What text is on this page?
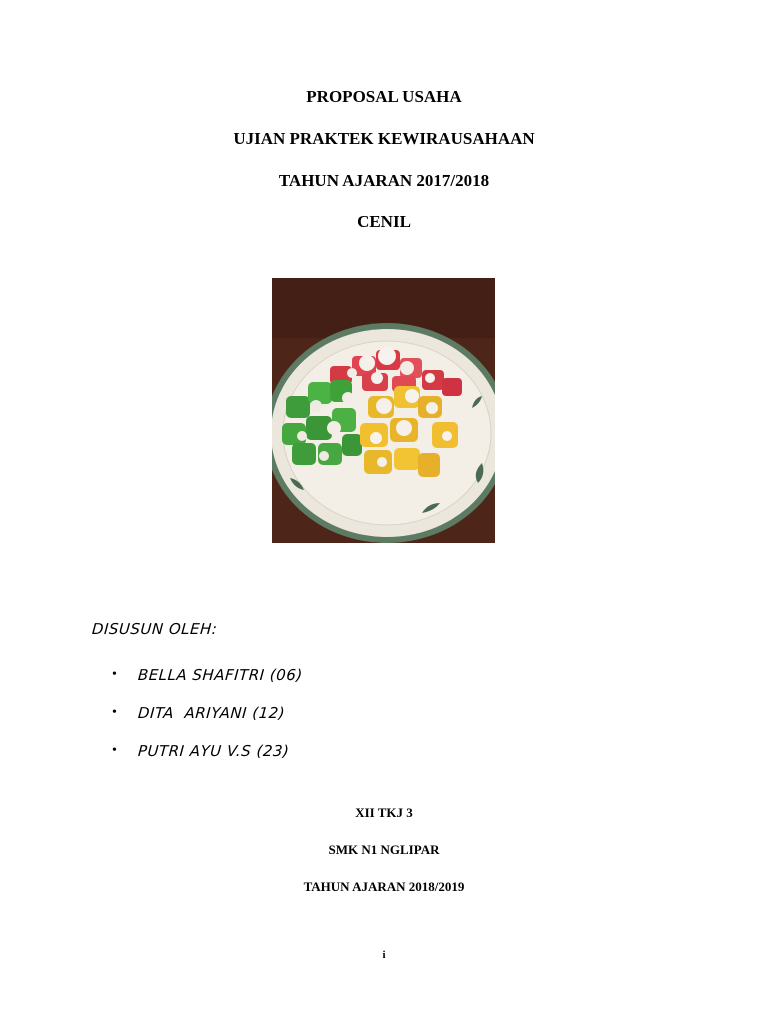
PROPOSAL USAHA
UJIAN PRAKTEK KEWIRAUSAHAAN
TAHUN AJARAN 2017/2018
CENIL
DISUSUN OLEH:
•	BELLA SHAFITRI (06)
•	DITA  ARIYANI (12)
•	PUTRI AYU V.S (23)

XII TKJ 3

SMK N1 NGLIPAR

TAHUN AJARAN 2018/2019

i
